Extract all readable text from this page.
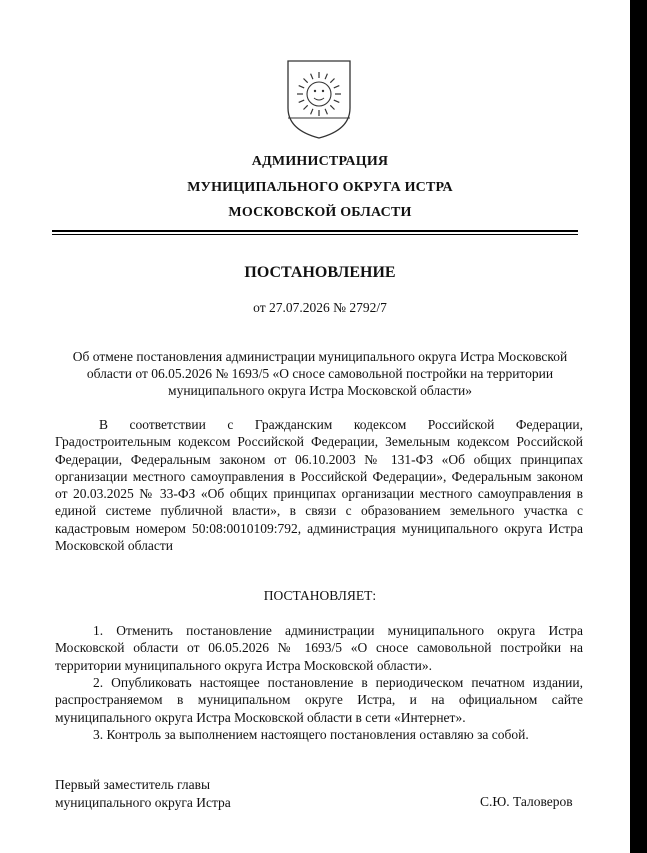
АДМИНИСТРАЦИЯ
МУНИЦИПАЛЬНОГО ОКРУГА ИСТРА
МОСКОВСКОЙ ОБЛАСТИ
ПОСТАНОВЛЕНИЕ
от 27.07.2026 № 2792/7
Об отмене постановления администрации муниципального округа Истра Московской области от 06.05.2026 № 1693/5 «О сносе самовольной постройки на территории муниципального округа Истра Московской области»
В соответствии с Гражданским кодексом Российской Федерации, Градостроительным кодексом Российской Федерации, Земельным кодексом Российской Федерации, Федеральным законом от 06.10.2003 № 131-ФЗ «Об общих принципах организации местного самоуправления в Российской Федерации», Федеральным законом от 20.03.2025 № 33-ФЗ «Об общих принципах организации местного самоуправления в единой системе публичной власти», в связи с образованием земельного участка с кадастровым номером 50:08:0010109:792, администрация муниципального округа Истра Московской области
ПОСТАНОВЛЯЕТ:
1. Отменить постановление администрации муниципального округа Истра Московской области от 06.05.2026 № 1693/5 «О сносе самовольной постройки на территории муниципального округа Истра Московской области».
2. Опубликовать настоящее постановление в периодическом печатном издании, распространяемом в муниципальном округе Истра, и на официальном сайте муниципального округа Истра Московской области в сети «Интернет».
3. Контроль за выполнением настоящего постановления оставляю за собой.
Первый заместитель главы
муниципального округа Истра	С.Ю. Таловеров
